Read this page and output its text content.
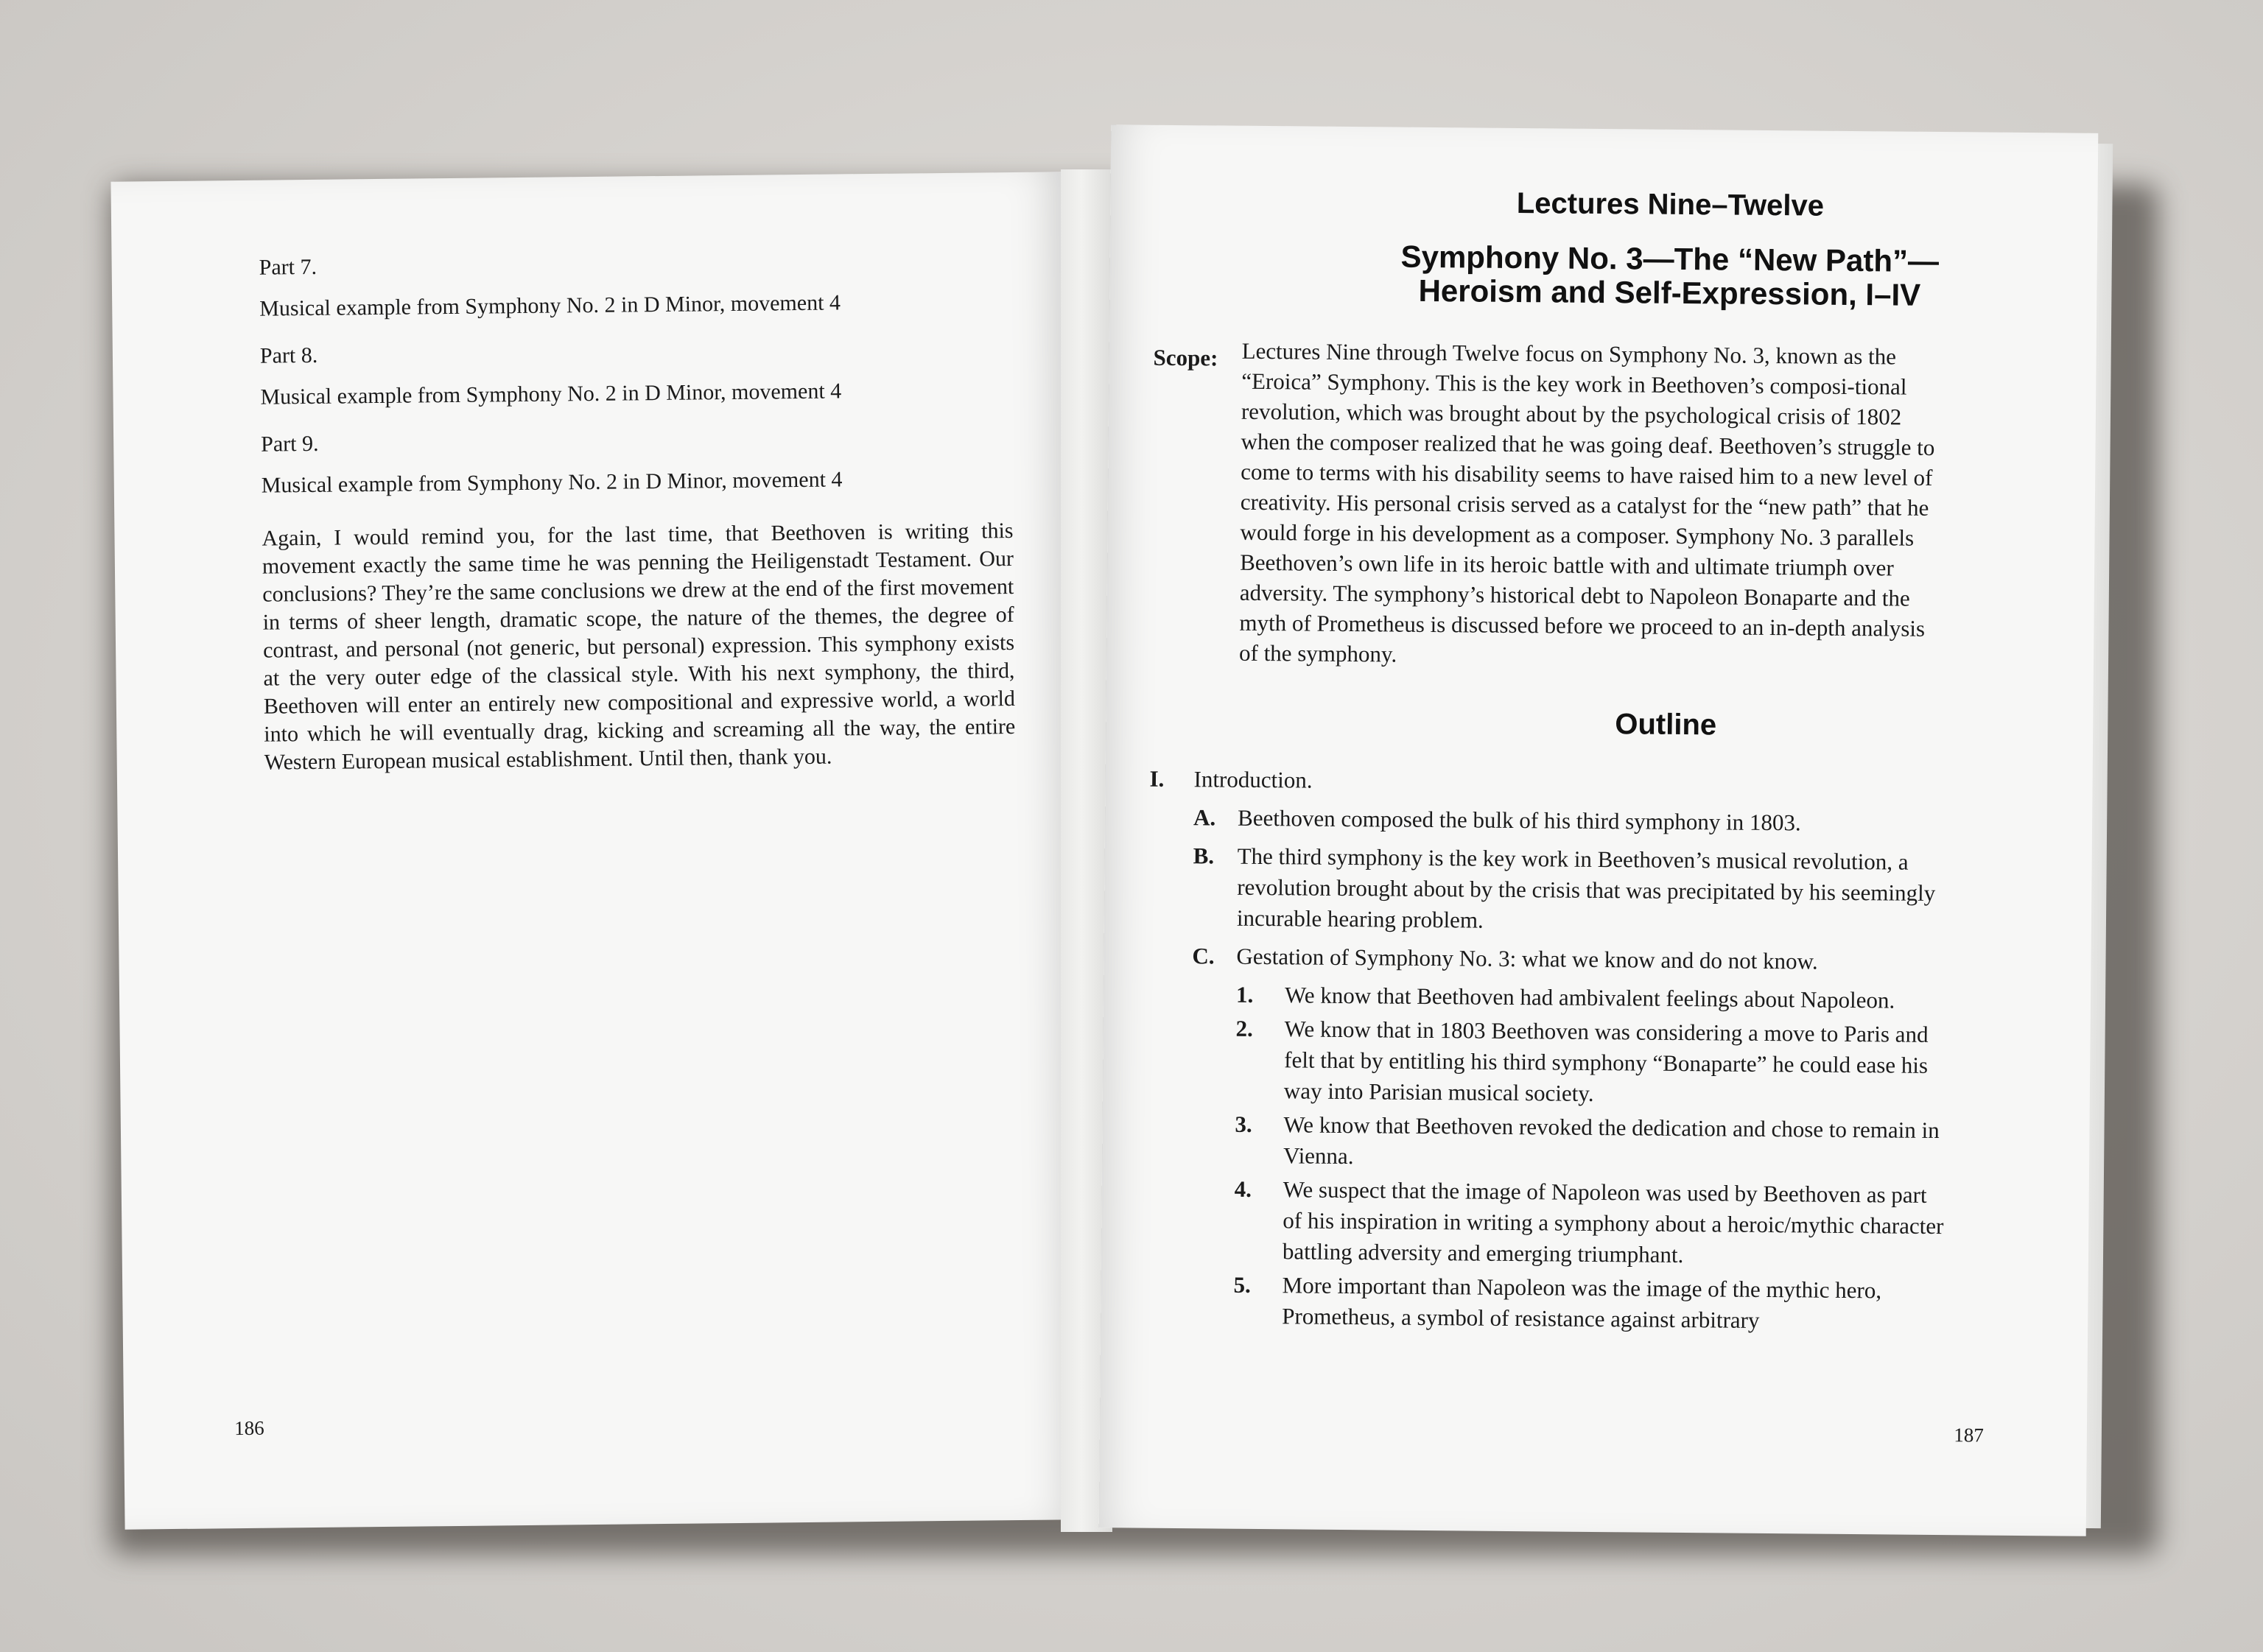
Part 7.
Musical example from Symphony No. 2 in D Minor, movement 4
Part 8.
Musical example from Symphony No. 2 in D Minor, movement 4
Part 9.
Musical example from Symphony No. 2 in D Minor, movement 4

Again, I would remind you, for the last time, that Beethoven is writing this movement exactly the same time he was penning the Heiligenstadt Testament. Our conclusions? They’re the same conclusions we drew at the end of the first movement in terms of sheer length, dramatic scope, the nature of the themes, the degree of contrast, and personal (not generic, but personal) expression. This symphony exists at the very outer edge of the classical style. With his next symphony, the third, Beethoven will enter an entirely new compositional and expressive world, a world into which he will eventually drag, kicking and screaming all the way, the entire Western European musical establishment. Until then, thank you.

186
Lectures Nine–Twelve
Symphony No. 3—The “New Path”—
Heroism and Self-Expression, I–IV
Scope:	Lectures Nine through Twelve focus on Symphony No. 3, known as the “Eroica” Symphony. This is the key work in Beethoven’s composi-tional revolution, which was brought about by the psychological crisis of 1802 when the composer realized that he was going deaf. Beethoven’s struggle to come to terms with his disability seems to have raised him to a new level of creativity. His personal crisis served as a catalyst for the “new path” that he would forge in his development as a composer. Symphony No. 3 parallels Beethoven’s own life in its heroic battle with and ultimate triumph over adversity. The symphony’s historical debt to Napoleon Bonaparte and the myth of Prometheus is discussed before we proceed to an in-depth analysis of the symphony.
Outline
I.	Introduction.
A. Beethoven composed the bulk of his third symphony in 1803.
B.	The third symphony is the key work in Beethoven’s musical revolution, a revolution brought about by the crisis that was precipitated by his seemingly incurable hearing problem.
C. Gestation of Symphony No. 3: what we know and do not know.
1.	We know that Beethoven had ambivalent feelings about Napoleon.
2.	We know that in 1803 Beethoven was considering a move to Paris and felt that by entitling his third symphony “Bonaparte” he could ease his way into Parisian musical society.
3.	We know that Beethoven revoked the dedication and chose to remain in Vienna.
4.	We suspect that the image of Napoleon was used by Beethoven as part of his inspiration in writing a symphony about a heroic/mythic character battling adversity and emerging triumphant.
5.	More important than Napoleon was the image of the mythic hero, Prometheus, a symbol of resistance against arbitrary
187
